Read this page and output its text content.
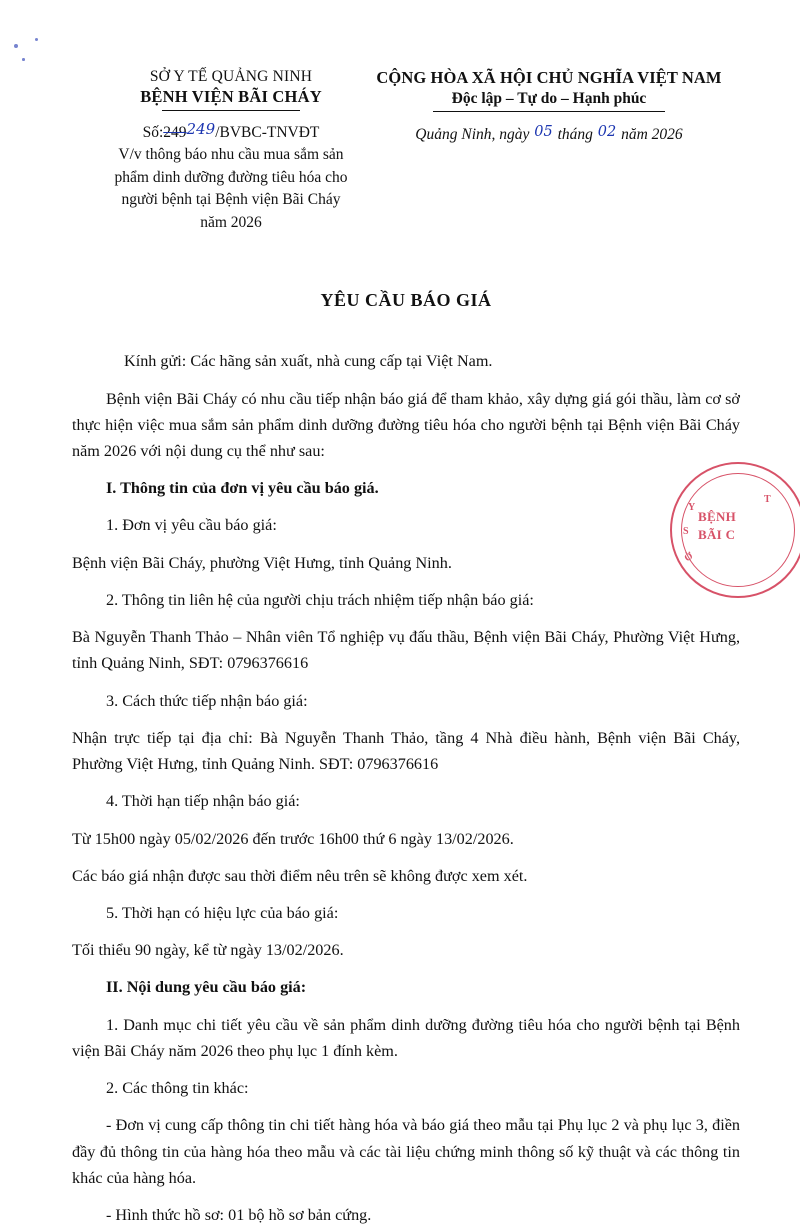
SỞ Y TẾ QUẢNG NINH
BỆNH VIỆN BÃI CHÁY
Số:249249/BVBC-TNVĐT
V/v thông báo nhu cầu mua sắm sản phẩm dinh dưỡng đường tiêu hóa cho người bệnh tại Bệnh viện Bãi Cháy năm 2026
CỘNG HÒA XÃ HỘI CHỦ NGHĨA VIỆT NAM
Độc lập – Tự do – Hạnh phúc
Quảng Ninh, ngày 05 tháng 02 năm 2026
YÊU CẦU BÁO GIÁ
Kính gửi: Các hãng sản xuất, nhà cung cấp tại Việt Nam.
Bệnh viện Bãi Cháy có nhu cầu tiếp nhận báo giá để tham khảo, xây dựng giá gói thầu, làm cơ sở thực hiện việc mua sắm sản phẩm dinh dưỡng đường tiêu hóa cho người bệnh tại Bệnh viện Bãi Cháy năm 2026 với nội dung cụ thể như sau:
I. Thông tin của đơn vị yêu cầu báo giá.
1. Đơn vị yêu cầu báo giá:
Bệnh viện Bãi Cháy, phường Việt Hưng, tỉnh Quảng Ninh.
2. Thông tin liên hệ của người chịu trách nhiệm tiếp nhận báo giá:
Bà Nguyễn Thanh Thảo – Nhân viên Tổ nghiệp vụ đấu thầu, Bệnh viện Bãi Cháy, Phường Việt Hưng, tỉnh Quảng Ninh, SĐT: 0796376616
3. Cách thức tiếp nhận báo giá:
Nhận trực tiếp tại địa chỉ: Bà Nguyễn Thanh Thảo, tầng 4 Nhà điều hành, Bệnh viện Bãi Cháy, Phường Việt Hưng, tỉnh Quảng Ninh. SĐT: 0796376616
4. Thời hạn tiếp nhận báo giá:
Từ 15h00 ngày 05/02/2026 đến trước 16h00 thứ 6 ngày 13/02/2026.
Các báo giá nhận được sau thời điểm nêu trên sẽ không được xem xét.
5. Thời hạn có hiệu lực của báo giá:
Tối thiểu 90 ngày, kể từ ngày 13/02/2026.
II. Nội dung yêu cầu báo giá:
1. Danh mục chi tiết yêu cầu về sản phẩm dinh dưỡng đường tiêu hóa cho người bệnh tại Bệnh viện Bãi Cháy năm 2026 theo phụ lục 1 đính kèm.
2. Các thông tin khác:
- Đơn vị cung cấp thông tin chi tiết hàng hóa và báo giá theo mẫu tại Phụ lục 2 và phụ lục 3, điền đầy đủ thông tin của hàng hóa theo mẫu và các tài liệu chứng minh thông số kỹ thuật và các thông tin khác của hàng hóa.
- Hình thức hồ sơ: 01 bộ hồ sơ bản cứng.
BỆNH
BÃI C
Y
S
Ở
T
